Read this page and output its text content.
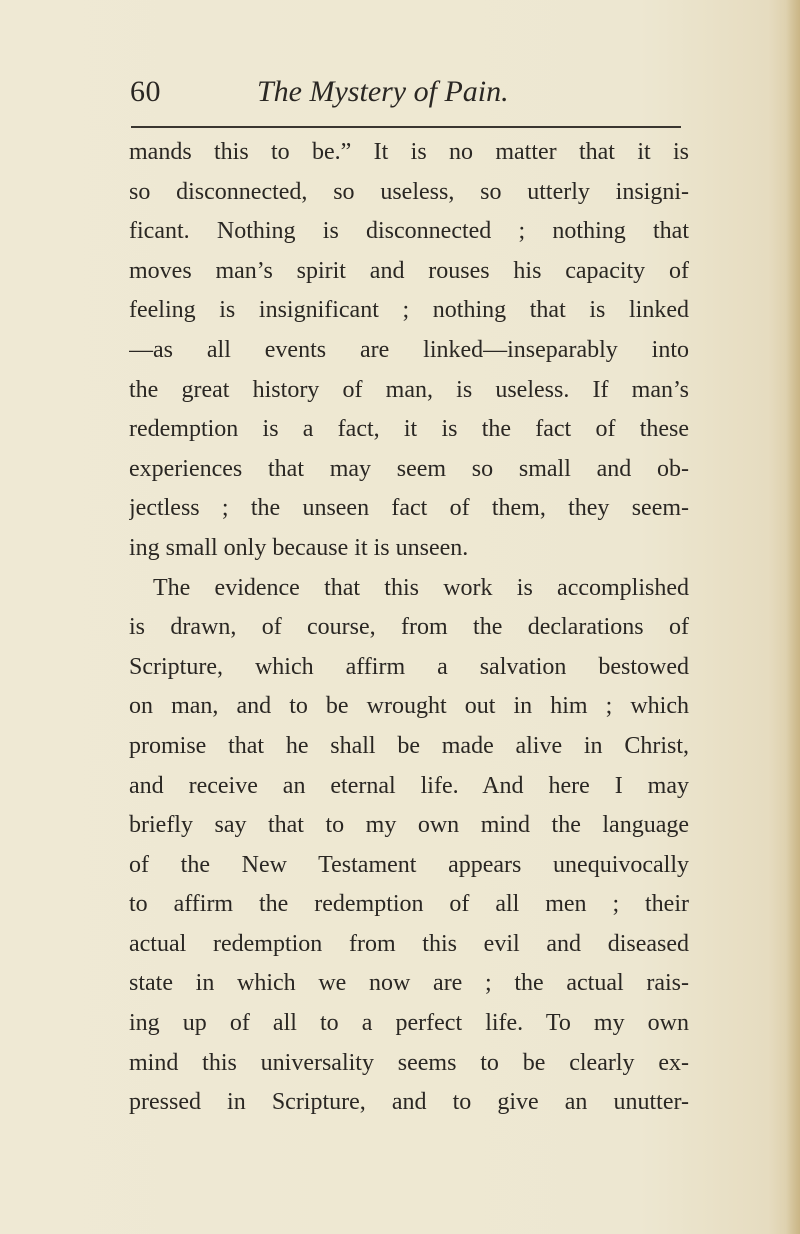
60	The Mystery of Pain.
mands this to be.” It is no matter that it is
so disconnected, so useless, so utterly insigni-
ficant. Nothing is disconnected ; nothing that
moves man’s spirit and rouses his capacity of
feeling is insignificant ; nothing that is linked
—as all events are linked—inseparably into
the great history of man, is useless. If man’s
redemption is a fact, it is the fact of these
experiences that may seem so small and ob-
jectless ; the unseen fact of them, they seem-
ing small only because it is unseen.
The evidence that this work is accomplished
is drawn, of course, from the declarations of
Scripture, which affirm a salvation bestowed
on man, and to be wrought out in him ; which
promise that he shall be made alive in Christ,
and receive an eternal life. And here I may
briefly say that to my own mind the language
of the New Testament appears unequivocally
to affirm the redemption of all men ; their
actual redemption from this evil and diseased
state in which we now are ; the actual rais-
ing up of all to a perfect life. To my own
mind this universality seems to be clearly ex-
pressed in Scripture, and to give an unutter-
